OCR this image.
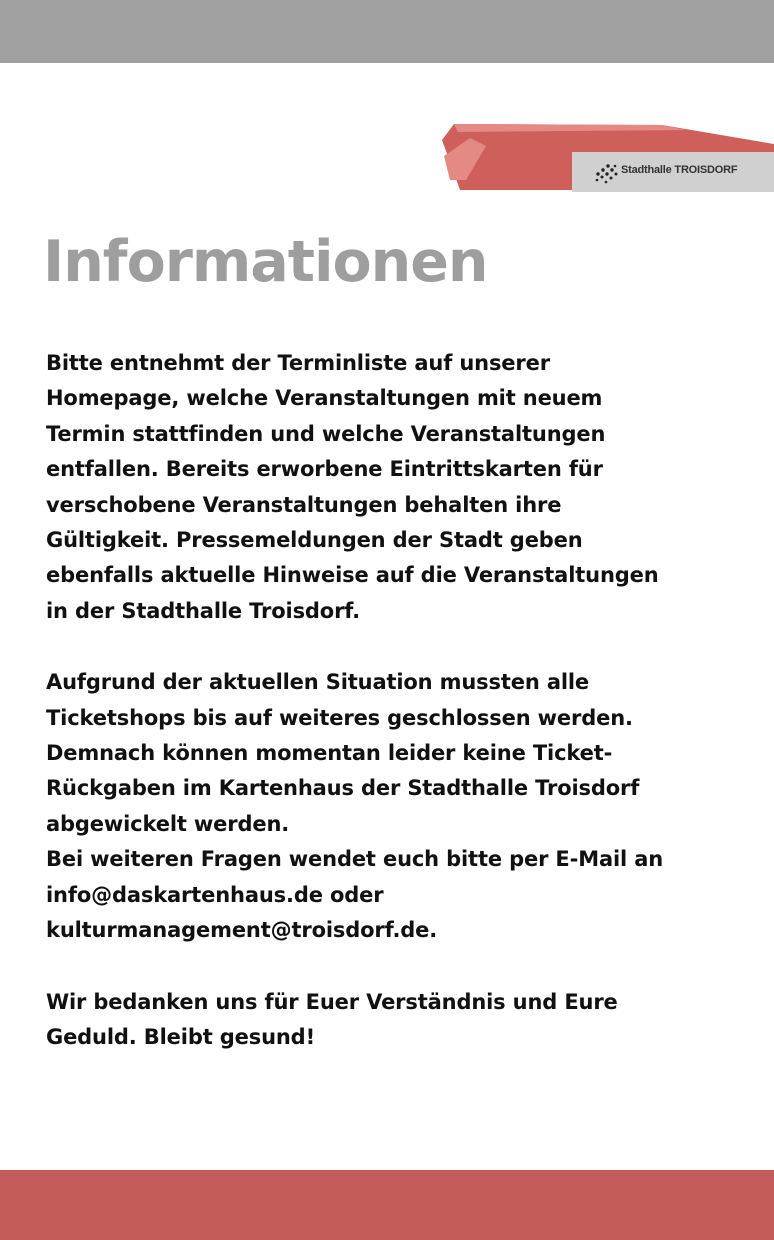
Stadthalle TROISDORF
Informationen

Bitte entnehmt der Terminliste auf unserer
Homepage, welche Veranstaltungen mit neuem
Termin stattfinden und welche Veranstaltungen
entfallen. Bereits erworbene Eintrittskarten für
verschobene Veranstaltungen behalten ihre
Gültigkeit. Pressemeldungen der Stadt geben
ebenfalls aktuelle Hinweise auf die Veranstaltungen
in der Stadthalle Troisdorf.

Aufgrund der aktuellen Situation mussten alle
Ticketshops bis auf weiteres geschlossen werden.
Demnach können momentan leider keine Ticket-
Rückgaben im Kartenhaus der Stadthalle Troisdorf
abgewickelt werden.
Bei weiteren Fragen wendet euch bitte per E-Mail an
info@daskartenhaus.de oder
kulturmanagement@troisdorf.de.

Wir bedanken uns für Euer Verständnis und Eure
Geduld. Bleibt gesund!
